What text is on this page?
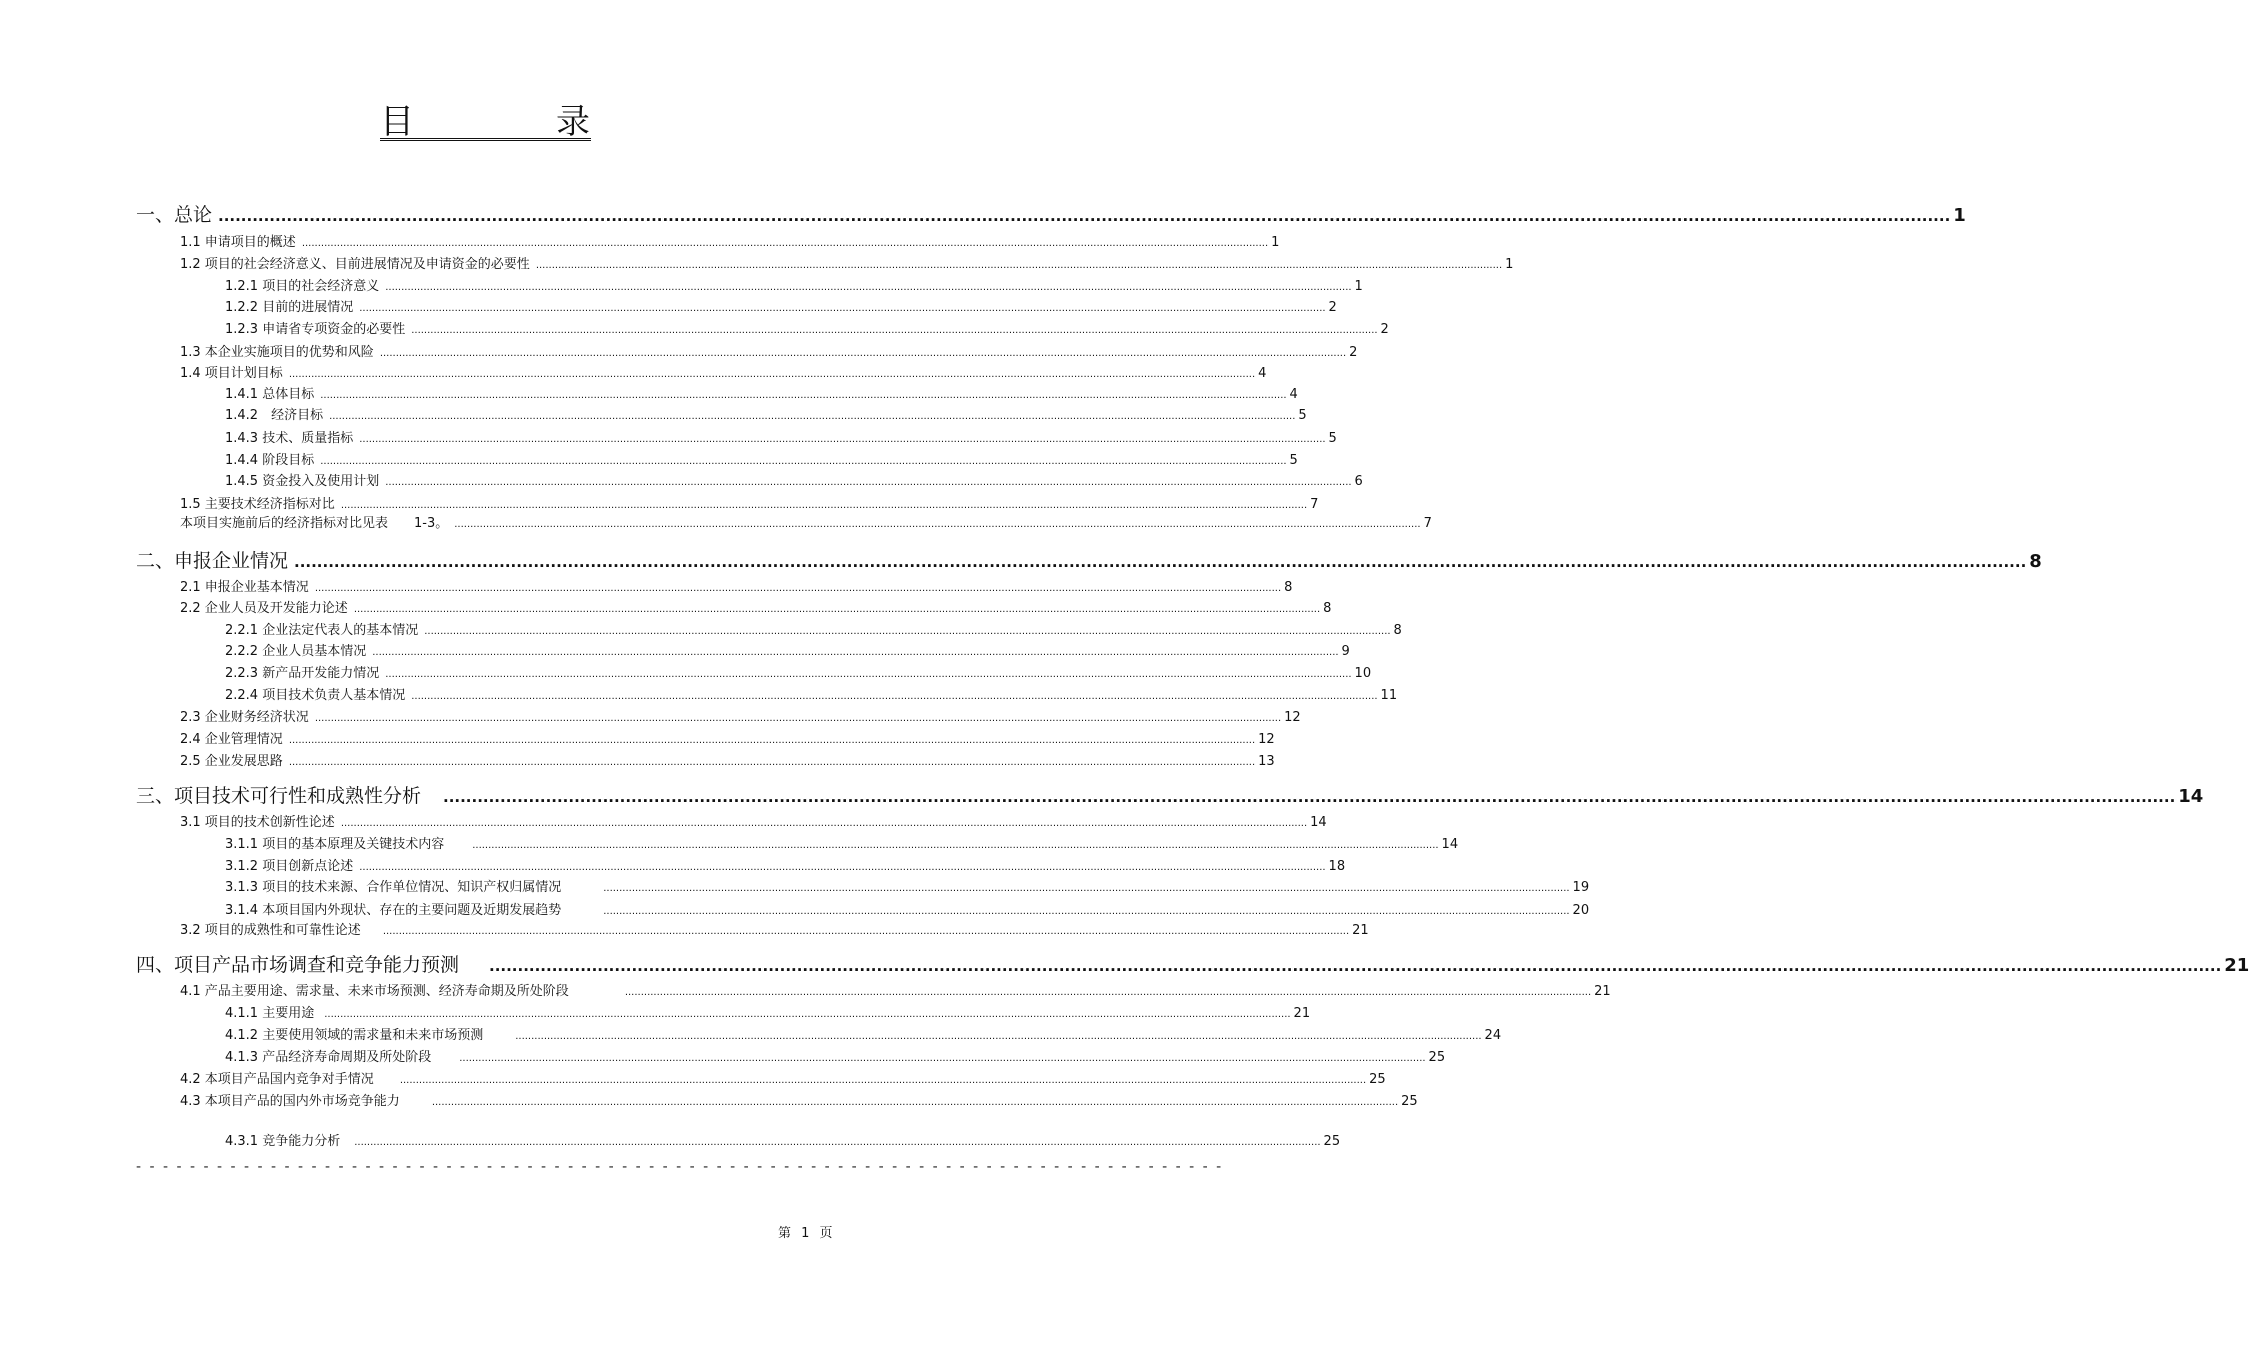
目	录
一、总论 .....	1
1.1 申请项目的概述 .....	1
1.2 项目的社会经济意义、目前进展情况及申请资金的必要性 .....	1
1.2.1 项目的社会经济意义 .....	1
1.2.2 目前的进展情况 .....	2
1.2.3 申请省专项资金的必要性 .....	2
1.3 本企业实施项目的优势和风险 .....	2
1.4 项目计划目标 .....	4
1.4.1 总体目标 .....	4
1.4.2　经济目标 .....	5
1.4.3 技术、质量指标 .....	5
1.4.4 阶段目标 .....	5
1.4.5 资金投入及使用计划 .....	6
1.5 主要技术经济指标对比 .....	7
本项目实施前后的经济指标对比见表　　1-3。 .....	7
二、申报企业情况 .....	8
2.1 申报企业基本情况 .....	8
2.2 企业人员及开发能力论述 .....	8
2.2.1 企业法定代表人的基本情况 .....	8
2.2.2 企业人员基本情况 .....	9
2.2.3 新产品开发能力情况 .....	10
2.2.4 项目技术负责人基本情况 .....	11
2.3 企业财务经济状况 .....	12
2.4 企业管理情况 .....	12
2.5 企业发展思路 .....	13
三、项目技术可行性和成熟性分析 .....	14
3.1 项目的技术创新性论述 .....	14
3.1.1 项目的基本原理及关键技术内容 .....	14
3.1.2 项目创新点论述 .....	18
3.1.3 项目的技术来源、合作单位情况、知识产权归属情况 .....	19
3.1.4 本项目国内外现状、存在的主要问题及近期发展趋势 .....	20
3.2 项目的成熟性和可靠性论述 .....	21
四、项目产品市场调查和竞争能力预测 .....	21
4.1 产品主要用途、需求量、未来市场预测、经济寿命期及所处阶段 .....	21
4.1.1 主要用途 .....	21
4.1.2 主要使用领域的需求量和未来市场预测 .....	24
4.1.3 产品经济寿命周期及所处阶段 .....	25
4.2 本项目产品国内竞争对手情况 .....	25
4.3 本项目产品的国内外市场竞争能力 .....	25
4.3.1 竞争能力分析 .....	25
- - - - - - - - - - - - - - - - - - - - - - - - - - - - - - - - - - - - - - - - - - - - - - - - - - - - - - - - - - - - - - - - - - - - - - - - - - - - - - - - -
第 1 页
